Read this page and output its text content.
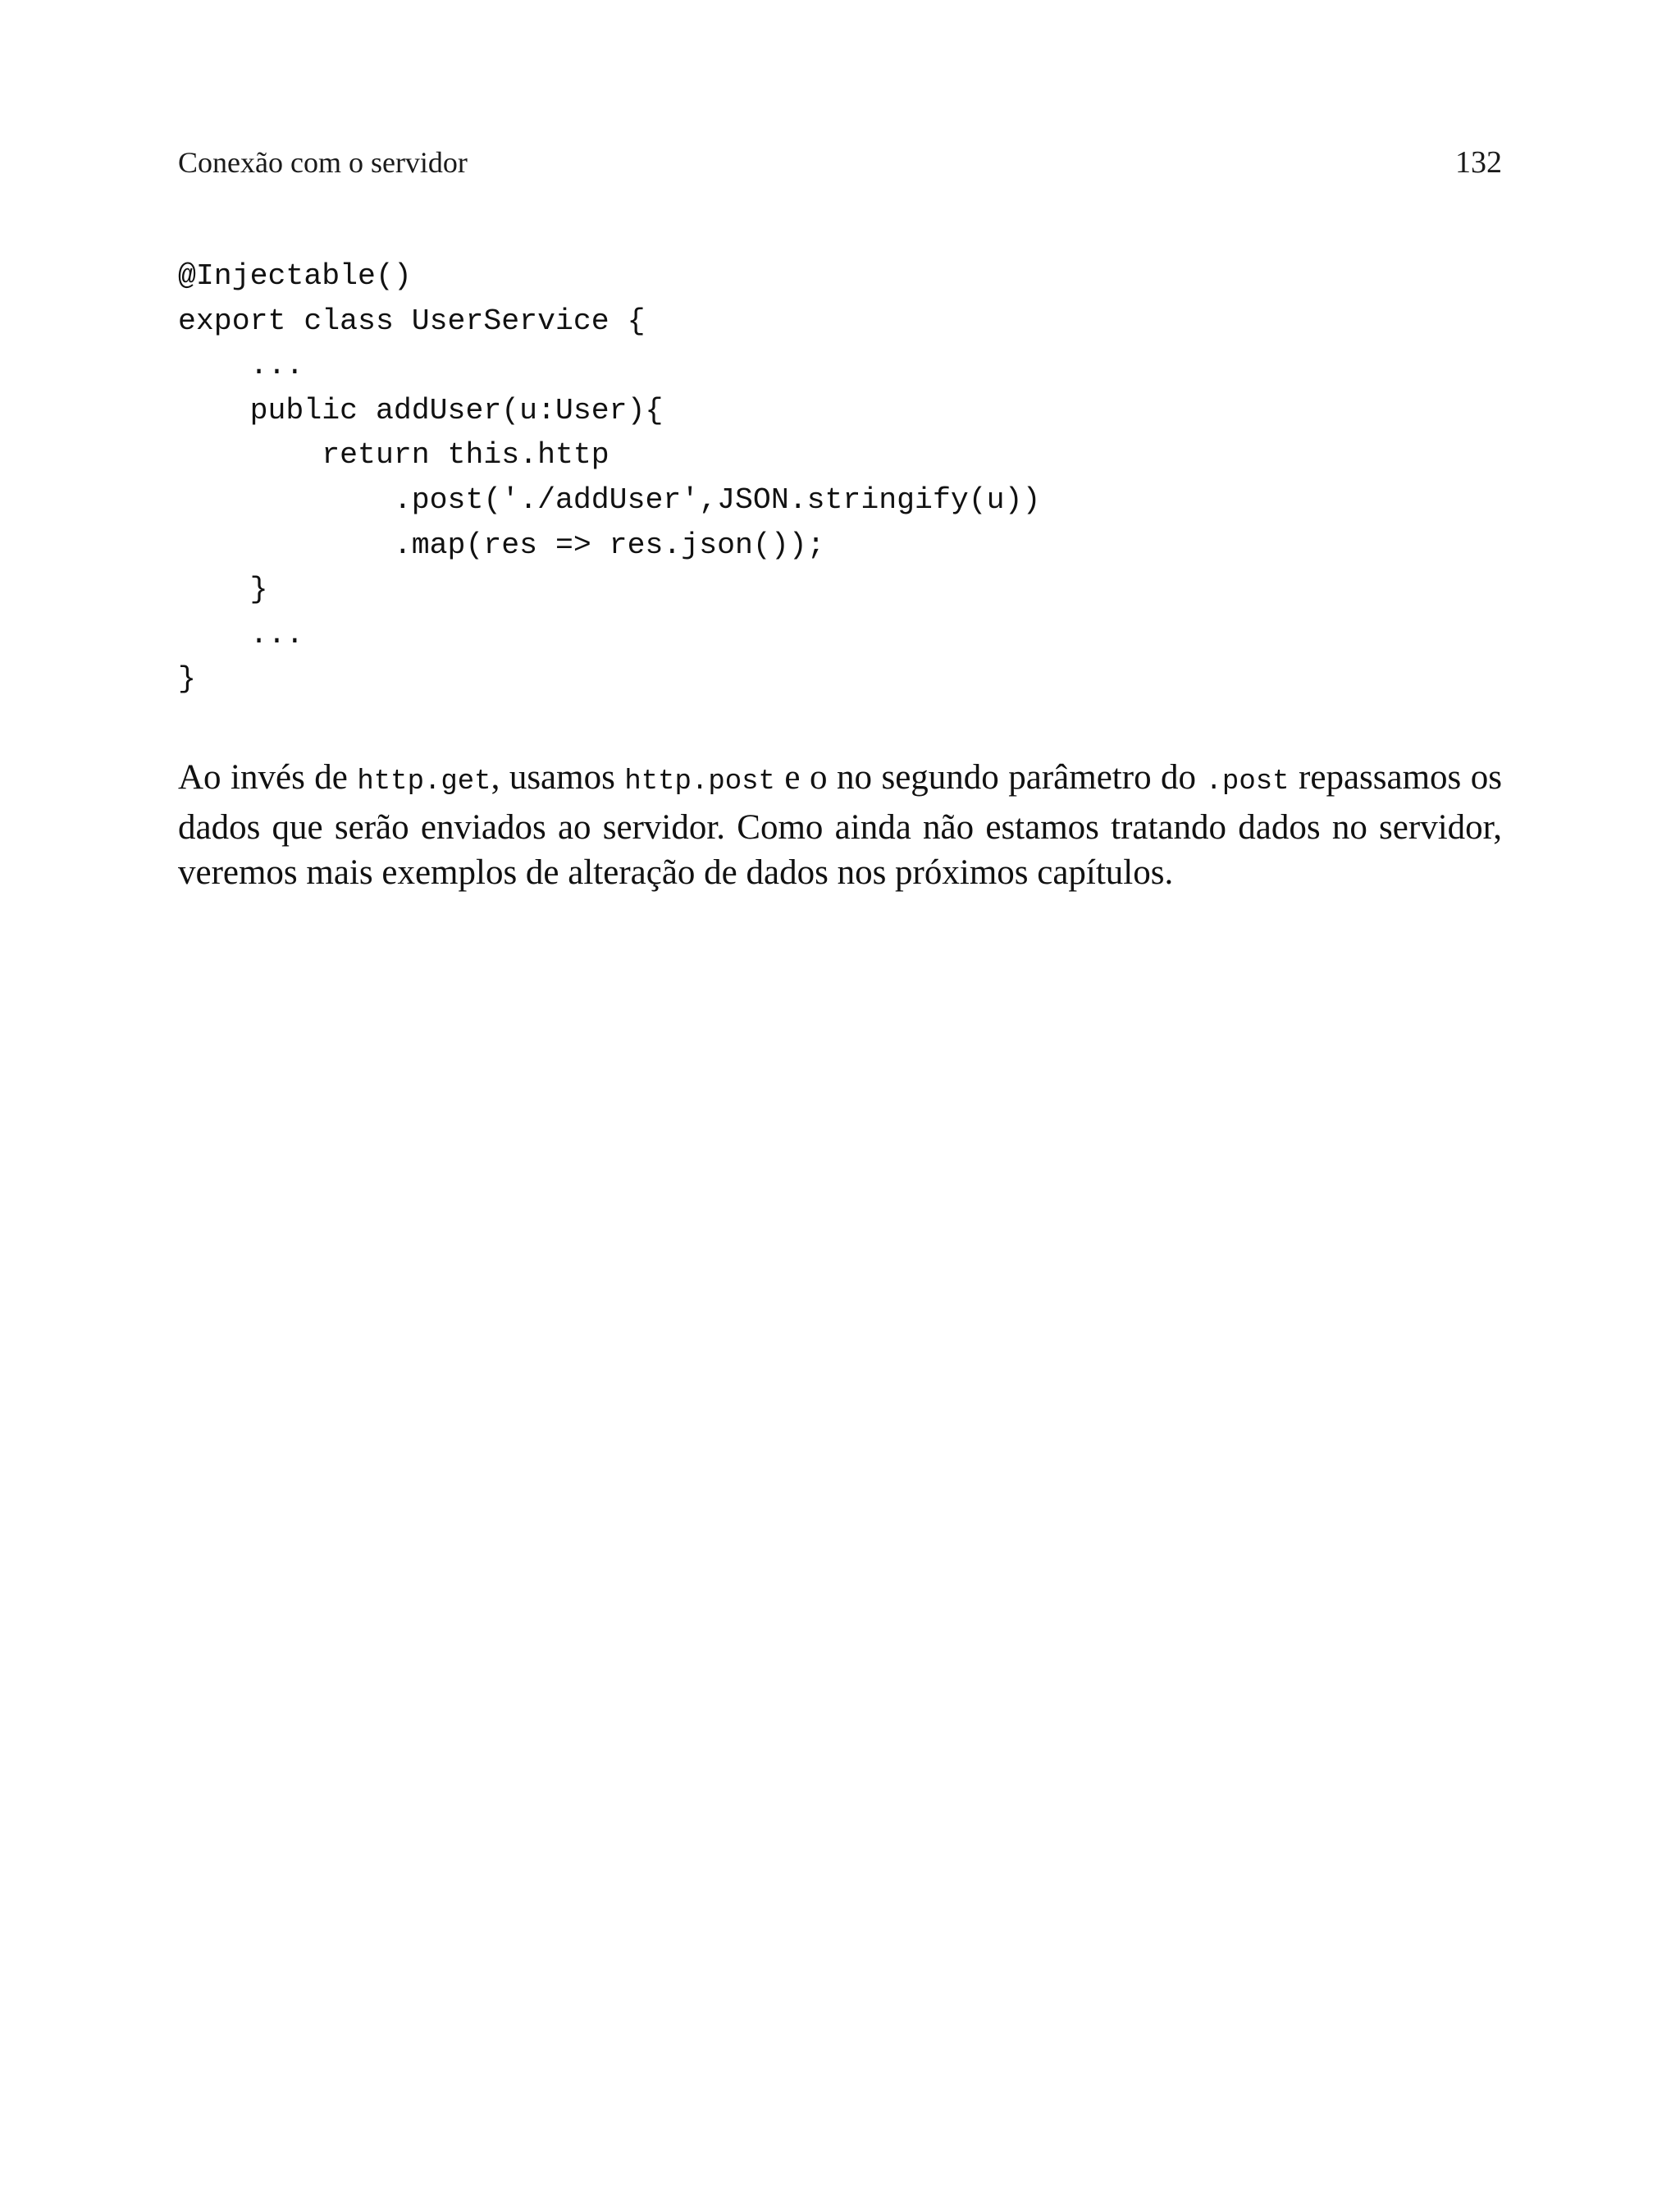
Conexão com o servidor	132
@Injectable()
export class UserService {
...
public addUser(u:User){
return this.http
.post('./addUser',JSON.stringify(u))
.map(res => res.json());
}
...
}

Ao invés de http.get, usamos http.post e o no segundo parâmetro do .post repassamos os dados que serão enviados ao servidor. Como ainda não estamos tratando dados no servidor, veremos mais exemplos de alteração de dados nos próximos capítulos.
